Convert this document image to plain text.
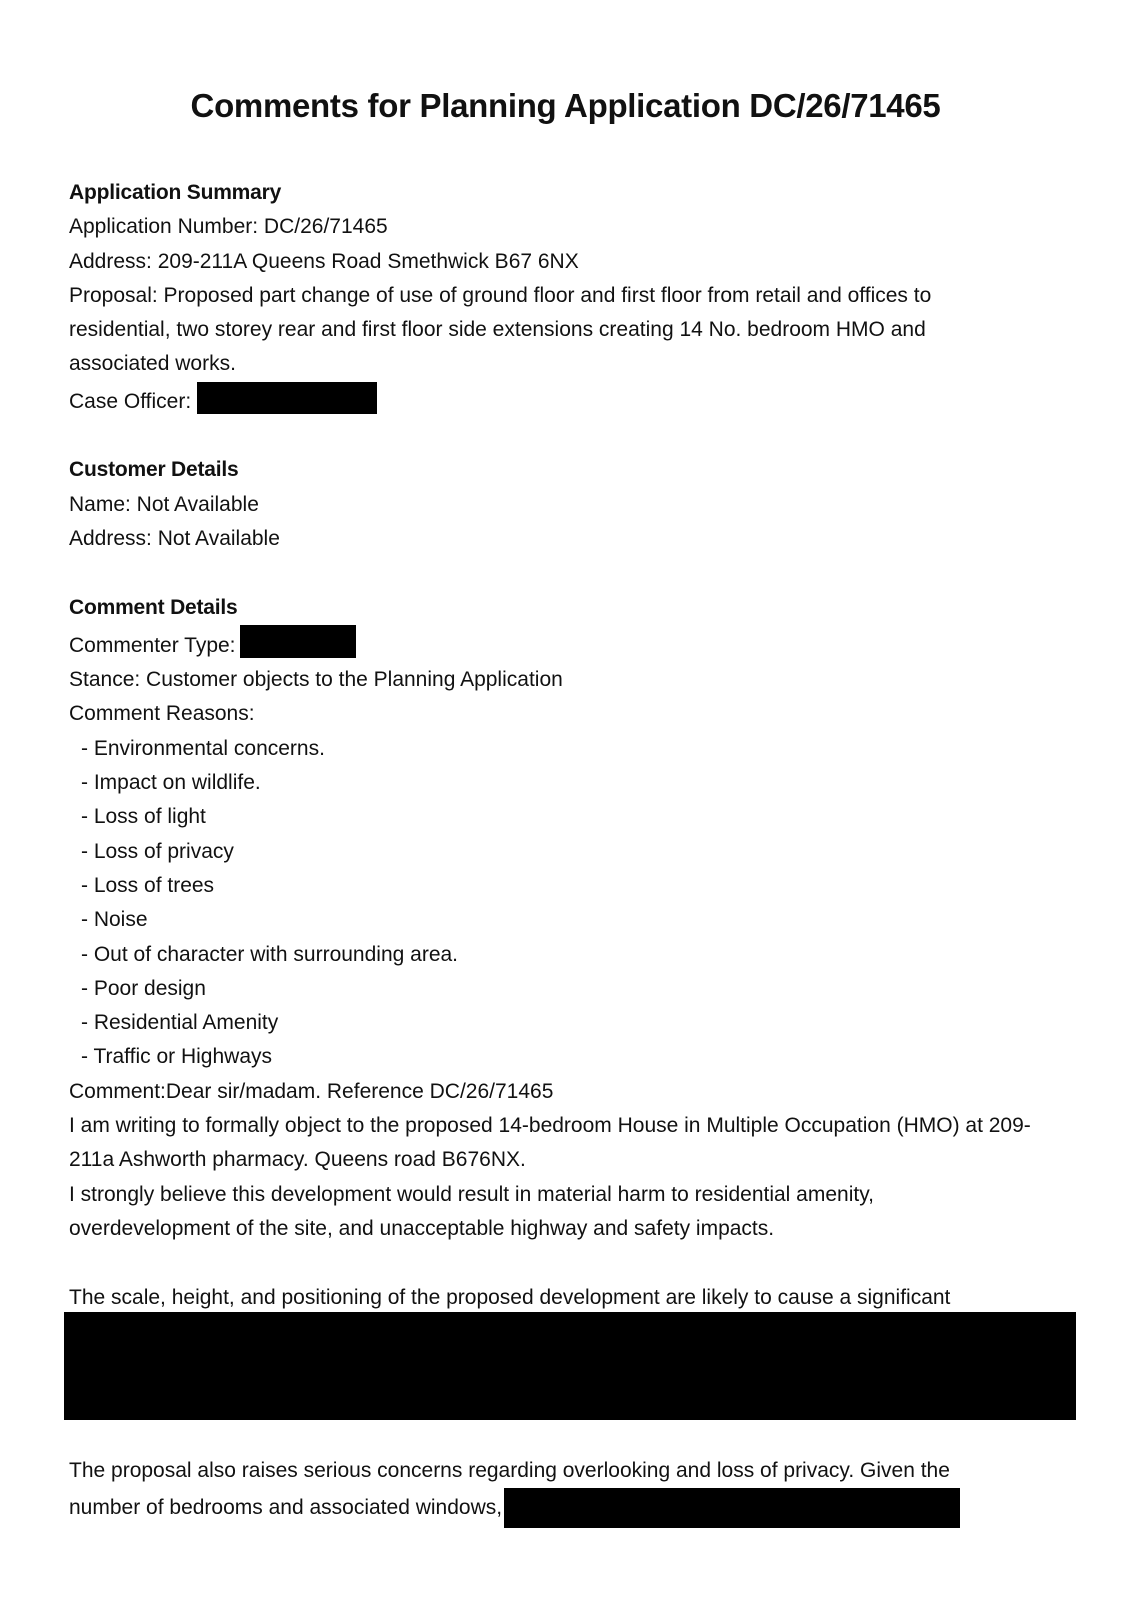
Comments for Planning Application DC/26/71465
Application Summary
Application Number: DC/26/71465
Address: 209-211A Queens Road Smethwick B67 6NX
Proposal: Proposed part change of use of ground floor and first floor from retail and offices to residential, two storey rear and first floor side extensions creating 14 No. bedroom HMO and associated works.
Case Officer:
Customer Details
Name: Not Available
Address: Not Available
Comment Details
Commenter Type:
Stance: Customer objects to the Planning Application
Comment Reasons:
- Environmental concerns.
- Impact on wildlife.
- Loss of light
- Loss of privacy
- Loss of trees
- Noise
- Out of character with surrounding area.
- Poor design
- Residential Amenity
- Traffic or Highways
Comment:Dear sir/madam. Reference DC/26/71465
I am writing to formally object to the proposed 14-bedroom House in Multiple Occupation (HMO) at 209-211a Ashworth pharmacy. Queens road B676NX.
I strongly believe this development would result in material harm to residential amenity, overdevelopment of the site, and unacceptable highway and safety impacts.
The scale, height, and positioning of the proposed development are likely to cause a significant
The proposal also raises serious concerns regarding overlooking and loss of privacy. Given the
number of bedrooms and associated windows,
